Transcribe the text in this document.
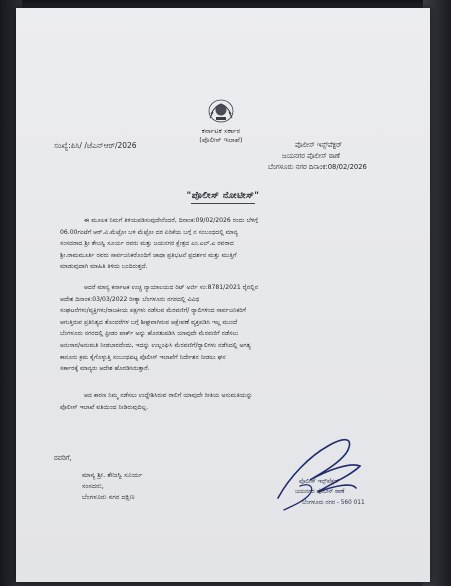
ಕರ್ನಾಟಕ ಸರ್ಕಾರ
(ಪೊಲೀಸ್ ಇಲಾಖೆ)
ಸಂಖ್ಯೆ:ಪಿಸಿ/ /ಜೆಎನ್‌ಆರ್/2026	ಪೊಲೀಸ್ ಇನ್ಸ್‌ಪೆಕ್ಟರ್
ಜಯನಗರ ಪೊಲೀಸ್ ಠಾಣೆ
ಬೆಂಗಳೂರು ನಗರ ದಿನಾಂಕ:08/02/2026
"ಪೊಲೀಸ್ ನೋಟೀಸ್"
ಈ ಮೂಲಕ ನಿಮಗೆ ತಿಳಿಯಪಡಿಸುವುದೇನೆಂದರೆ, ದಿನಾಂಕ:09/02/2026 ರಂದು ಬೆಳಿಗ್ಗೆ
06.00ಗಂಟೆಗೆ ಆರ್.ವಿ.ಮೆಟ್ರೋ ಬಳಿ ಮೆಟ್ರೋ ದರ ಏರಿಕೆಯ ಬಗ್ಗೆ ನ ಸಂಬಂಧದಲ್ಲಿ ಮಾನ್ಯ
ಸಂಸದರಾದ ಶ್ರೀ ತೇಜಸ್ವಿ ಸೂರ್ಯ ರವರು ಮತ್ತು ಜಯನಗರ ಕ್ಷೇತ್ರದ ಎಂ.ಎಲ್.ಎ ರವರಾದ
ಶ್ರೀ.ರಾಮಮೂರ್ತಿ ರವರು ಸಾರ್ವಜನಿಕರೊಂದಿಗೆ ಜಾಥಾ ಪ್ರತಿಭಟನೆ ಪ್ರದರ್ಶನ ಮತ್ತು ಮುತ್ತಿಗೆ
ಮಾಡುವುದಾಗಿ ಮಾಹಿತಿ ತಿಳಿದು ಬಂದಿರುತ್ತದೆ.
ಆದರೆ ಮಾನ್ಯ ಕರ್ನಾಟಕ ಉಚ್ಚ ನ್ಯಾಯಾಲಯದ ರಿಟ್ ಅರ್ಜಿ ಸಂ:8781/2021 ರೈನಲ್ಲಿನ
ಆದೇಶ ದಿನಾಂಕ:03/03/2022 ರೀತ್ಯಾ ಬೆಂಗಳೂರು ನಗರದಲ್ಲಿ ವಿವಿಧ
ಸಂಘಟನೆಗಳು/ವ್ಯಕ್ತಿಗಳು/ರಾಜಕೀಯ ಪಕ್ಷಗಳು ನಡೆಸುವ ಮೆರವಣಿಗೆ/ ರ‍್ಯಾಲಿಗಳಿಂದ ಸಾರ್ವಜನಿಕರಿಗೆ
ಆಗುತ್ತಿರುವ ಪ್ರತಿನಿತ್ಯದ ತೊಂದರೆಗಳ ಬಗ್ಗೆ ಶೀಘ್ರವಾಗಿರುವ ಆಕ್ಷೇಪಣೆ ವ್ಯಕ್ತಪಡಿಸಿ ಇಲ್ಲ ಮುಂದೆ
ಬೆಂಗಳೂರು ನಗರದಲ್ಲಿ ಫ್ರೀಡಂ ಪಾರ್ಕ್ ಅನ್ನು ಹೊರತುಪಡಿಸಿ ಯಾವುದೇ ಮೆರವಣಿಗೆ ನಡೆಸಲು
ಅನುಸಾರ/ಅನುಮತಿ ನೀಡಬಾರದೆಂದು, ಇದನ್ನು ಉಲ್ಲಂಘಿಸಿ ಮೆರವಣಿಗೆ/ರ‍್ಯಾಲಿಗಳು ನಡೆಸಿದಲ್ಲಿ ಅಗತ್ಯ
ಕಾನೂನು ಕ್ರಮ ಕೈಗೊಳ್ಳುತ್ತಿ ಸಂಬಂಧಪಟ್ಟ ಪೊಲೀಸ್ ಇಲಾಖೆಗೆ ನಿರ್ದೇಶನ ನೀಡಲು ಘನ
ಸರ್ಕಾರಕ್ಕೆ ಮಾನ್ಯರು ಆದೇಶ ಹೊರಡಿಸಿರುತ್ತಾರೆ.
ಆದ ಕಾರಣ ನಿಮ್ಮ ನಡೆಸಲು ಉದ್ದೇಶಿಸಿರುವ ರಾಲಿಗೆ ಯಾವುದೇ ರೀತಿಯ ಅನುಮತಿಯನ್ನು
ಪೊಲೀಸ್ ಇಲಾಖೆ ವತಿಯಿಂದ ನೀಡಿರುವುದಿಲ್ಲ.
ರವರಿಗೆ,
ಮಾನ್ಯ ಶ್ರೀ. ತೇಜಸ್ವಿ ಸೂರ್ಯ
ಸಂಸದರು,
ಬೆಂಗಳೂರು ನಗರ ದಕ್ಷಿಣ
ಪೊಲೀಸ್ ಇನ್ಸ್‌ಪೆಕ್ಟರ್
ಜಯನಗರ ಪೊಲೀಸ್ ಠಾಣೆ
ಬೆಂಗಳೂರು ನಗರ - 560 011
